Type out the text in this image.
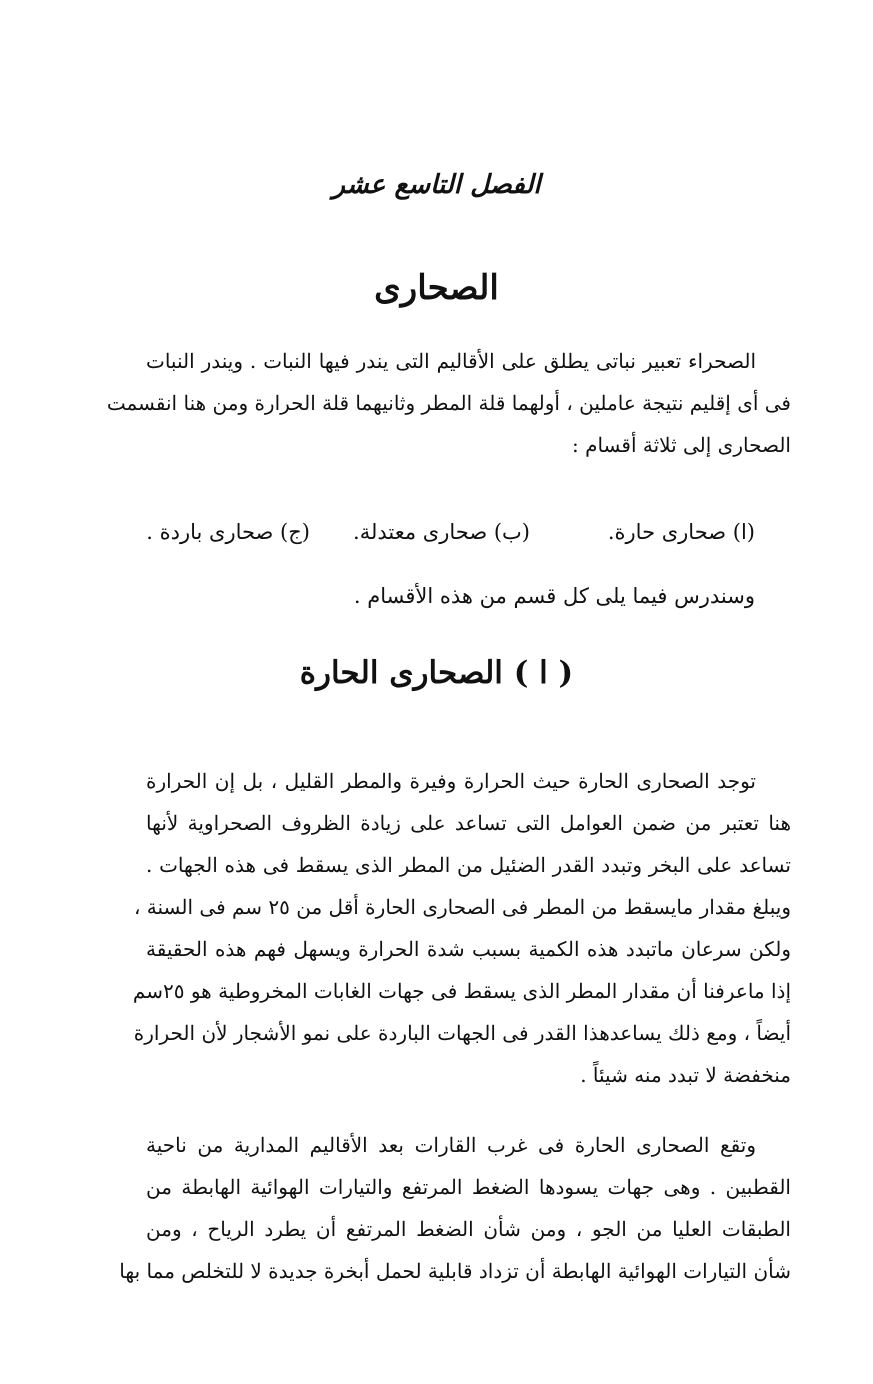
الفصل التاسع عشر
الصحارى
الصحراء تعبير نباتى يطلق على الأقاليم التى يندر فيها النبات . ويندر النبات
فى أى إقليم نتيجة عاملين ، أولهما قلة المطر وثانيهما قلة الحرارة ومن هنا انقسمت
الصحارى إلى ثلاثة أقسام :
(ا) صحارى حارة.
(ب) صحارى معتدلة.
(ج) صحارى باردة .
وسندرس فيما يلى كل قسم من هذه الأقسام .
( ا ) الصحارى الحارة
توجد الصحارى الحارة حيث الحرارة وفيرة والمطر القليل ، بل إن الحرارة
هنا تعتبر من ضمن العوامل التى تساعد على زيادة الظروف الصحراوية لأنها
تساعد على البخر وتبدد القدر الضئيل من المطر الذى يسقط فى هذه الجهات .
ويبلغ مقدار مايسقط من المطر فى الصحارى الحارة أقل من ٢٥ سم فى السنة ،
ولكن سرعان ماتبدد هذه الكمية بسبب شدة الحرارة ويسهل فهم هذه الحقيقة
إذا ماعرفنا أن مقدار المطر الذى يسقط فى جهات الغابات المخروطية هو ٢٥سم
أيضاً ، ومع ذلك يساعدهذا القدر فى الجهات الباردة على نمو الأشجار لأن الحرارة
منخفضة لا تبدد منه شيئاً .
وتقع الصحارى الحارة فى غرب القارات بعد الأقاليم المدارية من ناحية
القطبين . وهى جهات يسودها الضغط المرتفع والتيارات الهوائية الهابطة من
الطبقات العليا من الجو ، ومن شأن الضغط المرتفع أن يطرد الرياح ، ومن
شأن التيارات الهوائية الهابطة أن تزداد قابلية لحمل أبخرة جديدة لا للتخلص مما بها
